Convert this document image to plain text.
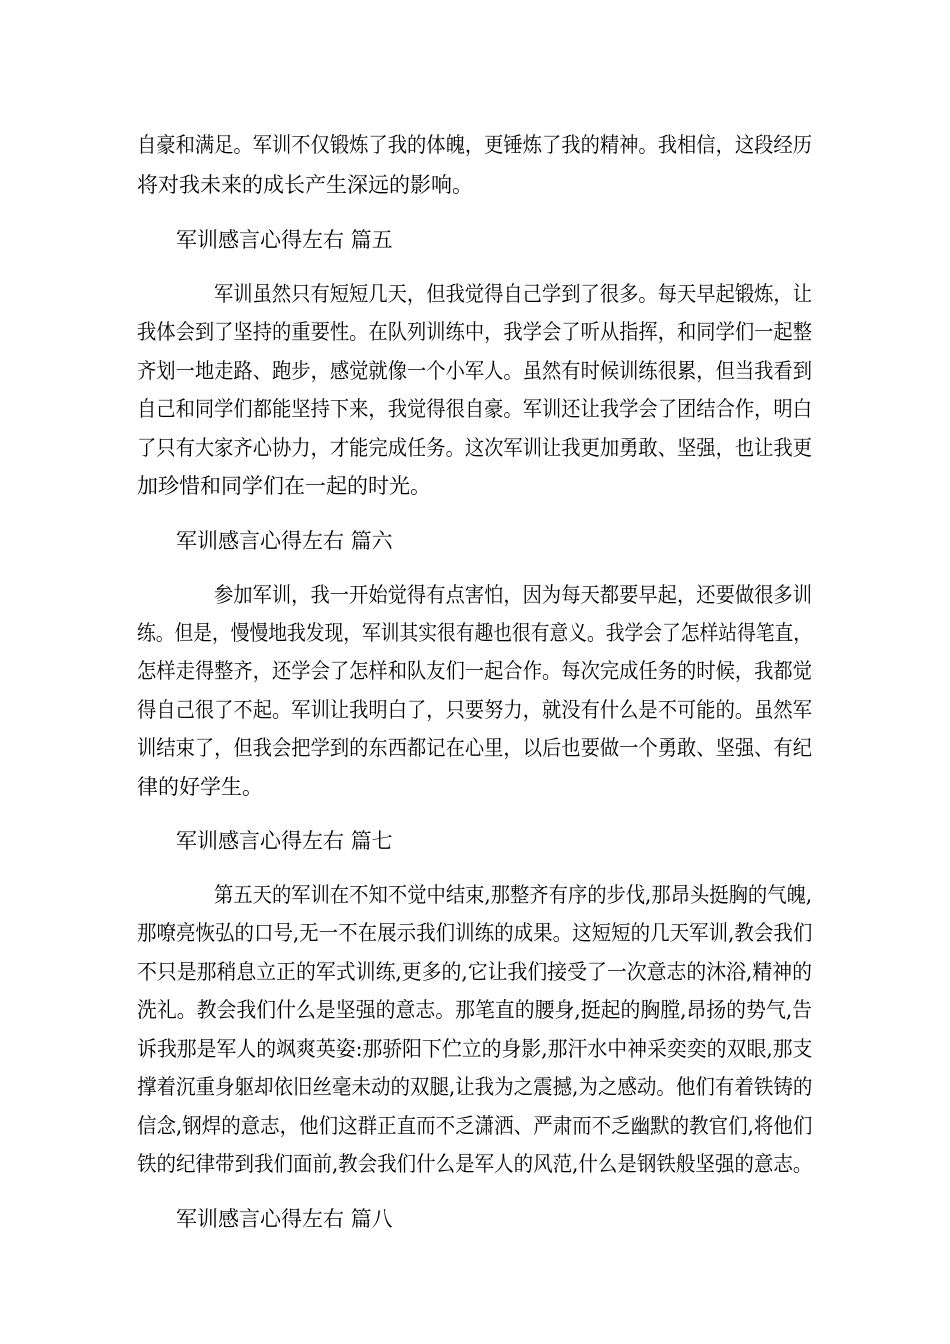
自豪和满足。军训不仅锻炼了我的体魄，更锤炼了我的精神。我相信，这段经历
将对我未来的成长产生深远的影响。
军训感言心得左右 篇五
军训虽然只有短短几天，但我觉得自己学到了很多。每天早起锻炼，让
我体会到了坚持的重要性。在队列训练中，我学会了听从指挥，和同学们一起整
齐划一地走路、跑步，感觉就像一个小军人。虽然有时候训练很累，但当我看到
自己和同学们都能坚持下来，我觉得很自豪。军训还让我学会了团结合作，明白
了只有大家齐心协力，才能完成任务。这次军训让我更加勇敢、坚强，也让我更
加珍惜和同学们在一起的时光。
军训感言心得左右 篇六
参加军训，我一开始觉得有点害怕，因为每天都要早起，还要做很多训
练。但是，慢慢地我发现，军训其实很有趣也很有意义。我学会了怎样站得笔直，
怎样走得整齐，还学会了怎样和队友们一起合作。每次完成任务的时候，我都觉
得自己很了不起。军训让我明白了，只要努力，就没有什么是不可能的。虽然军
训结束了，但我会把学到的东西都记在心里，以后也要做一个勇敢、坚强、有纪
律的好学生。
军训感言心得左右 篇七
第五天的军训在不知不觉中结束,那整齐有序的步伐,那昂头挺胸的气魄,
那嘹亮恢弘的口号,无一不在展示我们训练的成果。这短短的几天军训,教会我们
不只是那稍息立正的军式训练,更多的,它让我们接受了一次意志的沐浴,精神的
洗礼。教会我们什么是坚强的意志。那笔直的腰身,挺起的胸膛,昂扬的势气,告
诉我那是军人的飒爽英姿:那骄阳下伫立的身影,那汗水中神采奕奕的双眼,那支
撑着沉重身躯却依旧丝毫未动的双腿,让我为之震撼,为之感动。他们有着铁铸的
信念,钢焊的意志，他们这群正直而不乏潇洒、严肃而不乏幽默的教官们,将他们
铁的纪律带到我们面前,教会我们什么是军人的风范,什么是钢铁般坚强的意志。
军训感言心得左右 篇八
